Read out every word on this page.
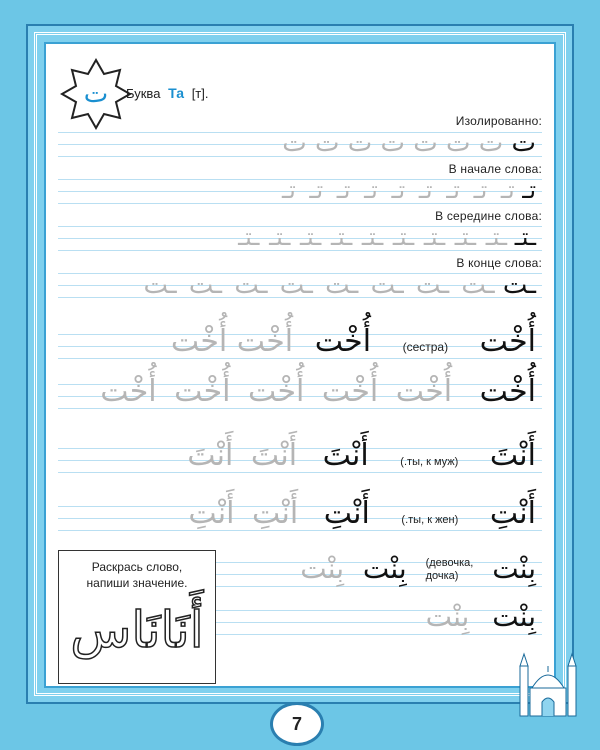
ت Буква Та [т].
Изолированно:
В начале слова:
В середине слова:
В конце слова:
ت ت ت ت ت ت ت ت
تـ تـ تـ تـ تـ تـ تـ تـ تـ تـ
ـتـ ـتـ ـتـ ـتـ ـتـ ـتـ ـتـ ـتـ ـتـ ـتـ
ـت ـت ـت ـت ـت ـت ـت ـت ـت
أُخْت (сестра) أُخْت أُخْت أُخْت
أُخْت أُخْت أُخْت أُخْت أُخْت أُخْت
أَنْتَ (ты, к муж.) أَنْتَ أَنْتَ أَنْتَ
أَنْتِ (ты, к жен.) أَنْتِ أَنْتِ أَنْتِ
بِنْت (девочка,
дочка) بِنْت بِنْت
بِنْت بِنْت
Раскрась слово,
напиши значение.
أَنَانَاس
7
